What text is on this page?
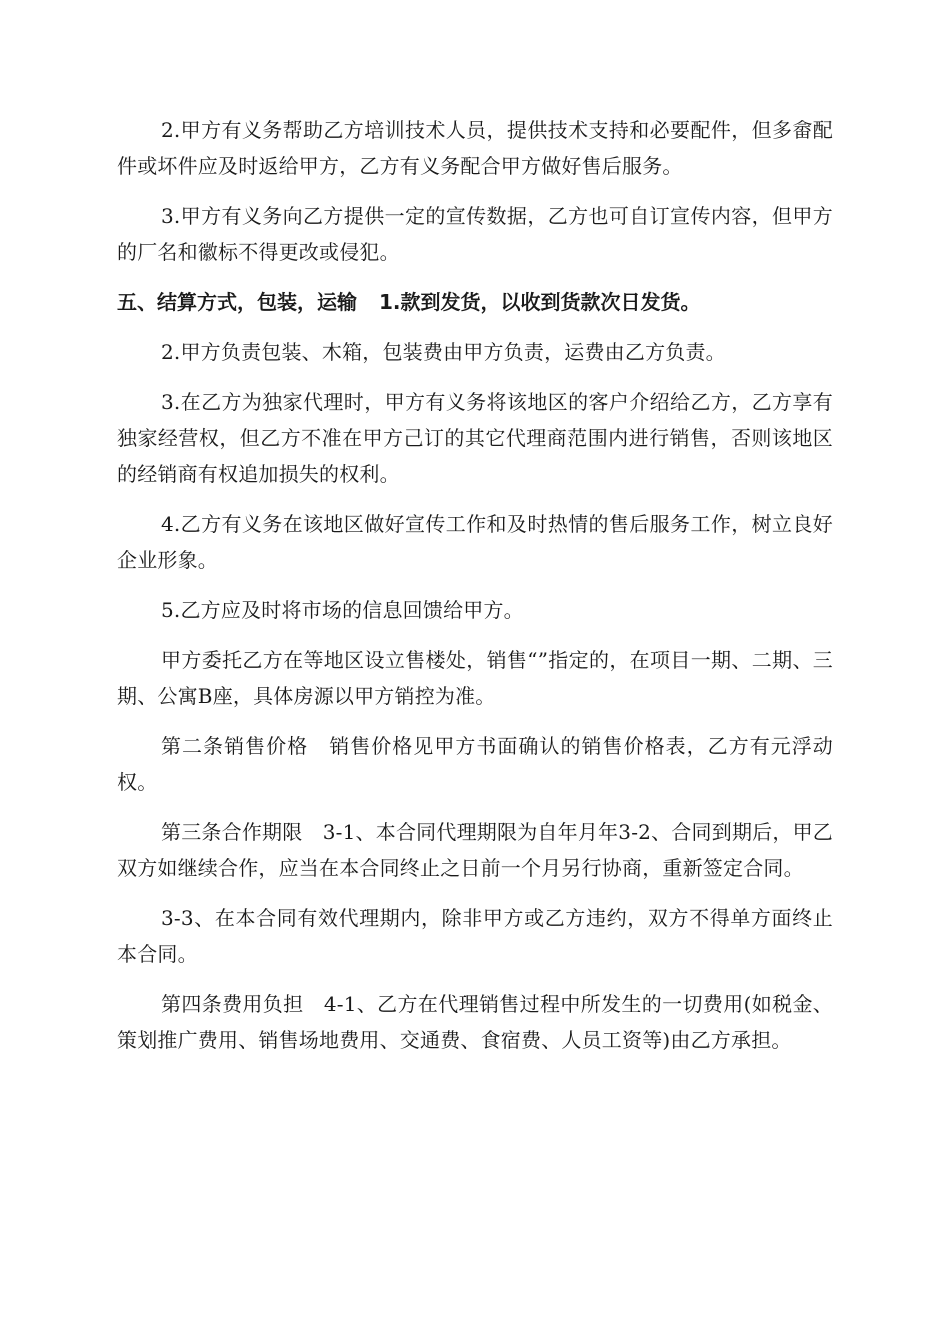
2.甲方有义务帮助乙方培训技术人员，提供技术支持和必要配件，但多畲配件或坏件应及时返给甲方，乙方有义务配合甲方做好售后服务。

3.甲方有义务向乙方提供一定的宣传数据，乙方也可自订宣传内容，但甲方的厂名和徽标不得更改或侵犯。

五、结算方式，包装，运输 1.款到发货，以收到货款次日发货。

2.甲方负责包装、木箱，包装费由甲方负责，运费由乙方负责。

3.在乙方为独家代理时，甲方有义务将该地区的客户介绍给乙方，乙方享有独家经营权，但乙方不准在甲方己订的其它代理商范围内进行销售，否则该地区的经销商有权追加损失的权利。

4.乙方有义务在该地区做好宣传工作和及时热情的售后服务工作，树立良好企业形象。

5.乙方应及时将市场的信息回馈给甲方。

甲方委托乙方在等地区设立售楼处，销售“”指定的，在项目一期、二期、三期、公寓B座，具体房源以甲方销控为准。

第二条销售价格　销售价格见甲方书面确认的销售价格表，乙方有元浮动权。

第三条合作期限　3-1、本合同代理期限为自年月年3-2、合同到期后，甲乙双方如继续合作，应当在本合同终止之日前一个月另行协商，重新签定合同。

3-3、在本合同有效代理期内，除非甲方或乙方违约，双方不得单方面终止本合同。

第四条费用负担　4-1、乙方在代理销售过程中所发生的一切费用(如税金、策划推广费用、销售场地费用、交通费、食宿费、人员工资等)由乙方承担。
